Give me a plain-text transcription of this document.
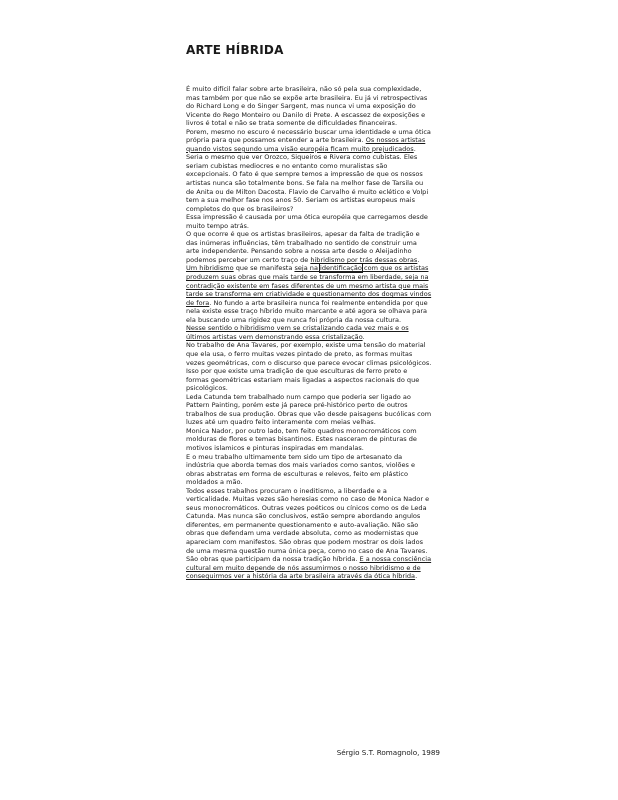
ARTE HÍBRIDA

É muito difícil falar sobre arte brasileira, não só pela sua complexidade, mas também por que não se expõe arte brasileira. Eu já vi retrospectivas do Richard Long e do Singer Sargent, mas nunca vi uma exposição do Vicente do Rego Monteiro ou Danilo di Prete. A escassez de exposições e livros é total e não se trata somente de dificuldades financeiras.

Porem, mesmo no escuro é necessário buscar uma identidade e uma ótica própria para que possamos entender a arte brasileira. Os nossos artistas quando vistos segundo uma visão européia ficam muito prejudicados. Seria o mesmo que ver Orozco, Siqueiros e Rivera como cubistas. Eles seriam cubistas mediocres e no entanto como muralistas são excepcionais. O fato é que sempre temos a impressão de que os nossos artistas nunca são totalmente bons. Se fala na melhor fase de Tarsila ou de Anita ou de Milton Dacosta. Flavio de Carvalho é muito eclético e Volpi tem a sua melhor fase nos anos 50. Seriam os artistas europeus mais completos do que os brasileiros?

Essa impressão é causada por uma ótica européia que carregamos desde muito tempo atrás.

O que ocorre é que os artistas brasileiros, apesar da falta de tradição e das inúmeras influências, têm trabalhado no sentido de construir uma arte independente. Pensando sobre a nossa arte desde o Aleijadinho podemos perceber um certo traço de hibridismo por trás dessas obras. Um hibridismo que se manifesta seja na identificação com que os artistas produzem suas obras que mais tarde se transforma em liberdade, seja na contradição existente em fases diferentes de um mesmo artista que mais tarde se transforma em criatividade e questionamento dos dogmas vindos de fora. No fundo a arte brasileira nunca foi realmente entendida por que nela existe esse traço híbrido muito marcante e até agora se olhava para ela buscando uma rigidez que nunca foi própria da nossa cultura.

Nesse sentido o hibridismo vem se cristalizando cada vez mais e os últimos artistas vem demonstrando essa cristalização.

No trabalho de Ana Tavares, por exemplo, existe uma tensão do material que ela usa, o ferro muitas vezes pintado de preto, as formas muitas vezes geométricas, com o discurso que parece evocar climas psicológicos. Isso por que existe uma tradição de que esculturas de ferro preto e formas geométricas estariam mais ligadas a aspectos racionais do que psicológicos.

Leda Catunda tem trabalhado num campo que poderia ser ligado ao Pattern Painting, porém este já parece pré-histórico perto de outros trabalhos de sua produção. Obras que vão desde paisagens bucólicas com luzes até um quadro feito interamente com meias velhas.

Monica Nador, por outro lado, tem feito quadros monocromáticos com molduras de flores e temas bisantinos. Estes nasceram de pinturas de motivos islamicos e pinturas inspiradas em mandalas.

E o meu trabalho ultimamente tem sido um tipo de artesanato da indústria que aborda temas dos mais variados como santos, violões e obras abstratas em forma de esculturas e relevos, feito em plástico moldados a mão.

Todos esses trabalhos procuram o ineditismo, a liberdade e a verticalidade. Muitas vezes são heresias como no caso de Monica Nador e seus monocromáticos. Outras vezes poéticos ou cínicos como os de Leda Catunda. Mas nunca são conclusivos, estão sempre abordando angulos diferentes, em permanente questionamento e auto-avaliação. Não são obras que defendam uma verdade absoluta, como as modernistas que apareciam com manifestos. São obras que podem mostrar os dois lados de uma mesma questão numa única peça, como no caso de Ana Tavares. São obras que participam da nossa tradição híbrida. E a nossa consciência cultural em muito depende de nós assumirmos o nosso hibridismo e de conseguirmos ver a história da arte brasileira através da ótica híbrida.

Sérgio S.T. Romagnolo, 1989
